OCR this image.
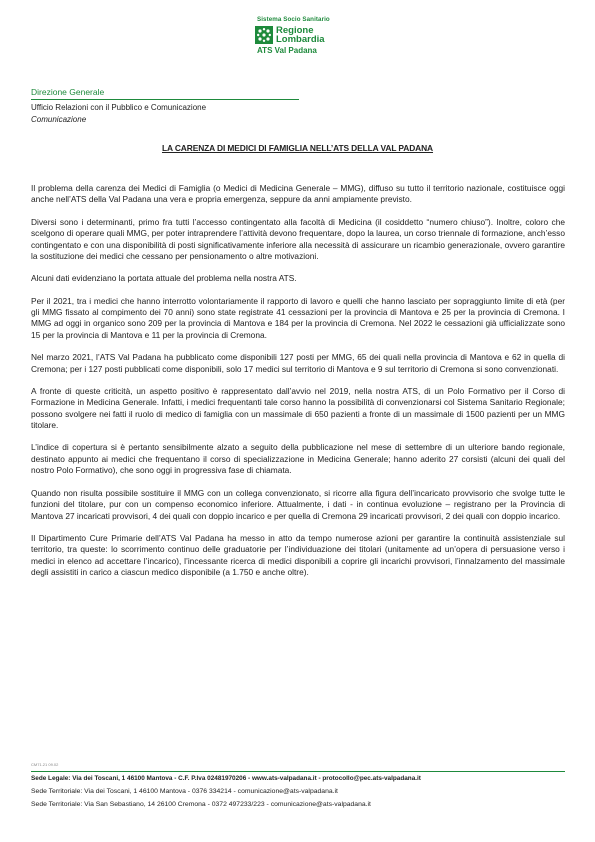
Sistema Socio Sanitario
Regione
Lombardia
ATS Val Padana
Direzione Generale
Ufficio Relazioni con il Pubblico e Comunicazione
Comunicazione
LA CARENZA DI MEDICI DI FAMIGLIA NELL’ATS DELLA VAL PADANA

Il problema della carenza dei Medici di Famiglia (o Medici di Medicina Generale – MMG), diffuso su tutto il territorio nazionale, costituisce oggi anche nell’ATS della Val Padana una vera e propria emergenza, seppure da anni ampiamente previsto.

Diversi sono i determinanti, primo fra tutti l’accesso contingentato alla facoltà di Medicina (il cosiddetto “numero chiuso”). Inoltre, coloro che scelgono di operare quali MMG, per poter intraprendere l’attività devono frequentare, dopo la laurea, un corso triennale di formazione, anch’esso contingentato e con una disponibilità di posti significativamente inferiore alla necessità di assicurare un ricambio generazionale, ovvero garantire la sostituzione dei medici che cessano per pensionamento o altre motivazioni.

Alcuni dati evidenziano la portata attuale del problema nella nostra ATS.

Per il 2021, tra i medici che hanno interrotto volontariamente il rapporto di lavoro e quelli che hanno lasciato per sopraggiunto limite di età (per gli MMG fissato al compimento dei 70 anni) sono state registrate 41 cessazioni per la provincia di Mantova e 25 per la provincia di Cremona. I MMG ad oggi in organico sono 209 per la provincia di Mantova e 184 per la provincia di Cremona. Nel 2022 le cessazioni già ufficializzate sono 15 per la provincia di Mantova e 11 per la provincia di Cremona.

Nel marzo 2021, l’ATS Val Padana ha pubblicato come disponibili 127 posti per MMG, 65 dei quali nella provincia di Mantova e 62 in quella di Cremona; per i 127 posti pubblicati come disponibili, solo 17 medici sul territorio di Mantova e 9 sul territorio di Cremona si sono convenzionati.

A fronte di queste criticità, un aspetto positivo è rappresentato dall’avvio nel 2019, nella nostra ATS, di un Polo Formativo per il Corso di Formazione in Medicina Generale. Infatti, i medici frequentanti tale corso hanno la possibilità di convenzionarsi col Sistema Sanitario Regionale; possono svolgere nei fatti il ruolo di medico di famiglia con un massimale di 650 pazienti a fronte di un massimale di 1500 pazienti per un MMG titolare.

L’indice di copertura si è pertanto sensibilmente alzato a seguito della pubblicazione nel mese di settembre di un ulteriore bando regionale, destinato appunto ai medici che frequentano il corso di specializzazione in Medicina Generale; hanno aderito 27 corsisti (alcuni dei quali del nostro Polo Formativo), che sono oggi in progressiva fase di chiamata.

Quando non risulta possibile sostituire il MMG con un collega convenzionato, si ricorre alla figura dell’incaricato provvisorio che svolge tutte le funzioni del titolare, pur con un compenso economico inferiore. Attualmente, i dati - in continua evoluzione – registrano per la Provincia di Mantova 27 incaricati provvisori, 4 dei quali con doppio incarico e per quella di Cremona 29 incaricati provvisori, 2 dei quali con doppio incarico.

Il Dipartimento Cure Primarie dell’ATS Val Padana ha messo in atto da tempo numerose azioni per garantire la continuità assistenziale sul territorio, tra queste: lo scorrimento continuo delle graduatorie per l’individuazione dei titolari (unitamente ad un’opera di persuasione verso i medici in elenco ad accettare l’incarico), l’incessante ricerca di medici disponibili a coprire gli incarichi provvisori, l’innalzamento del massimale degli assistiti in carico a ciascun medico disponibile (a 1.750 e anche oltre).

CM71.21 09.02
Sede Legale: Via dei Toscani, 1 46100 Mantova - C.F. P.Iva 02481970206 - www.ats-valpadana.it - protocollo@pec.ats-valpadana.it
Sede Territoriale: Via dei Toscani, 1 46100 Mantova - 0376 334214 - comunicazione@ats-valpadana.it
Sede Territoriale: Via San Sebastiano, 14 26100 Cremona - 0372 497233/223 - comunicazione@ats-valpadana.it
